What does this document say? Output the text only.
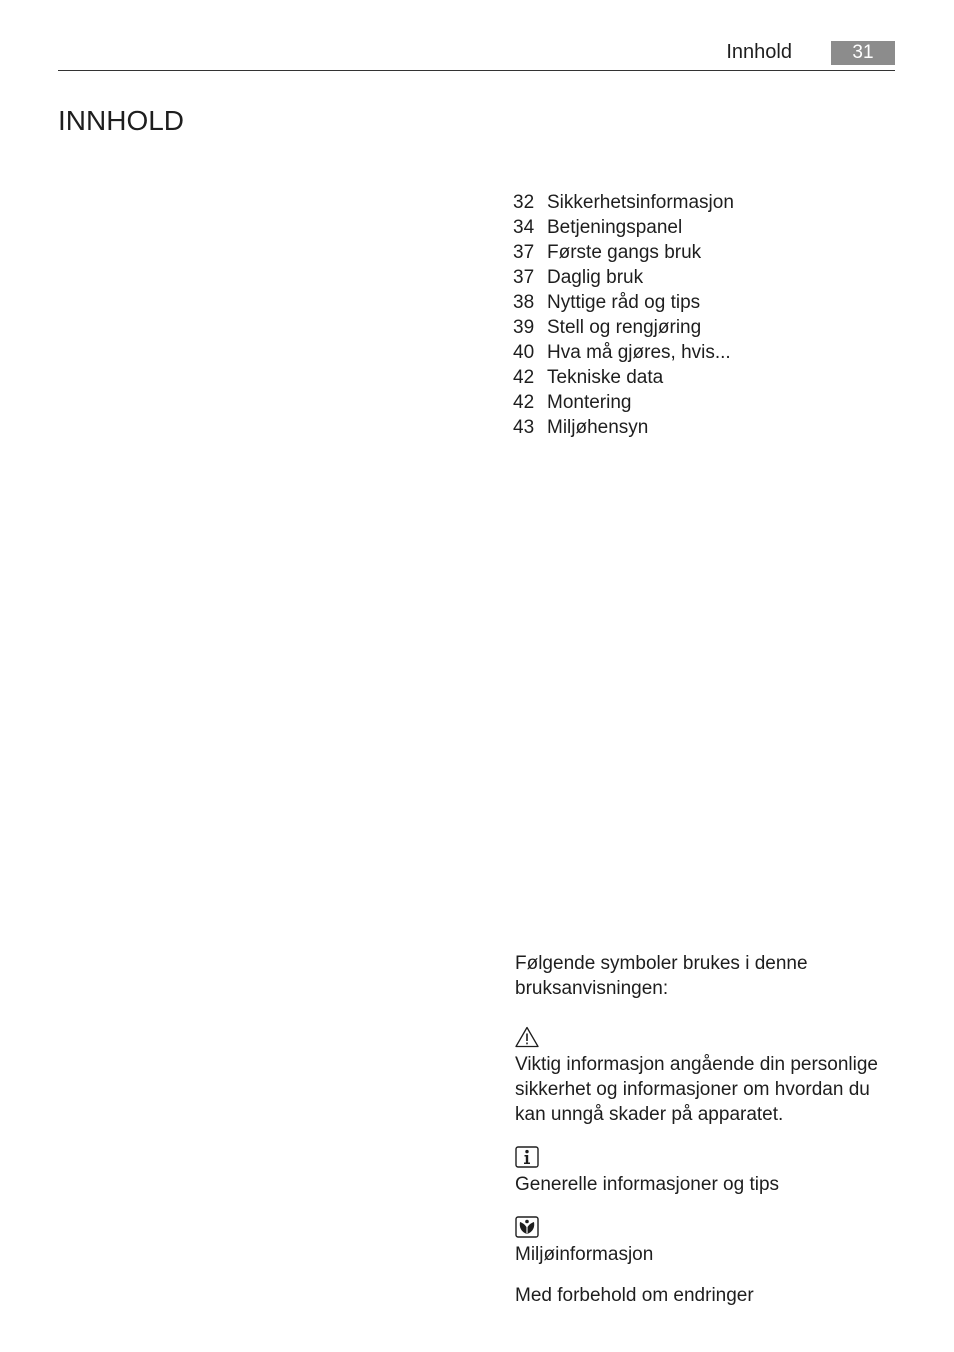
Innhold	31
INNHOLD
32 Sikkerhetsinformasjon
34 Betjeningspanel
37 Første gangs bruk
37 Daglig bruk
38 Nyttige råd og tips
39 Stell og rengjøring
40 Hva må gjøres, hvis...
42 Tekniske data
42 Montering
43 Miljøhensyn

Følgende symboler brukes i denne bruksanvisningen:

Viktig informasjon angående din personlige sikkerhet og informasjoner om hvordan du kan unngå skader på apparatet.

Generelle informasjoner og tips

Miljøinformasjon

Med forbehold om endringer
